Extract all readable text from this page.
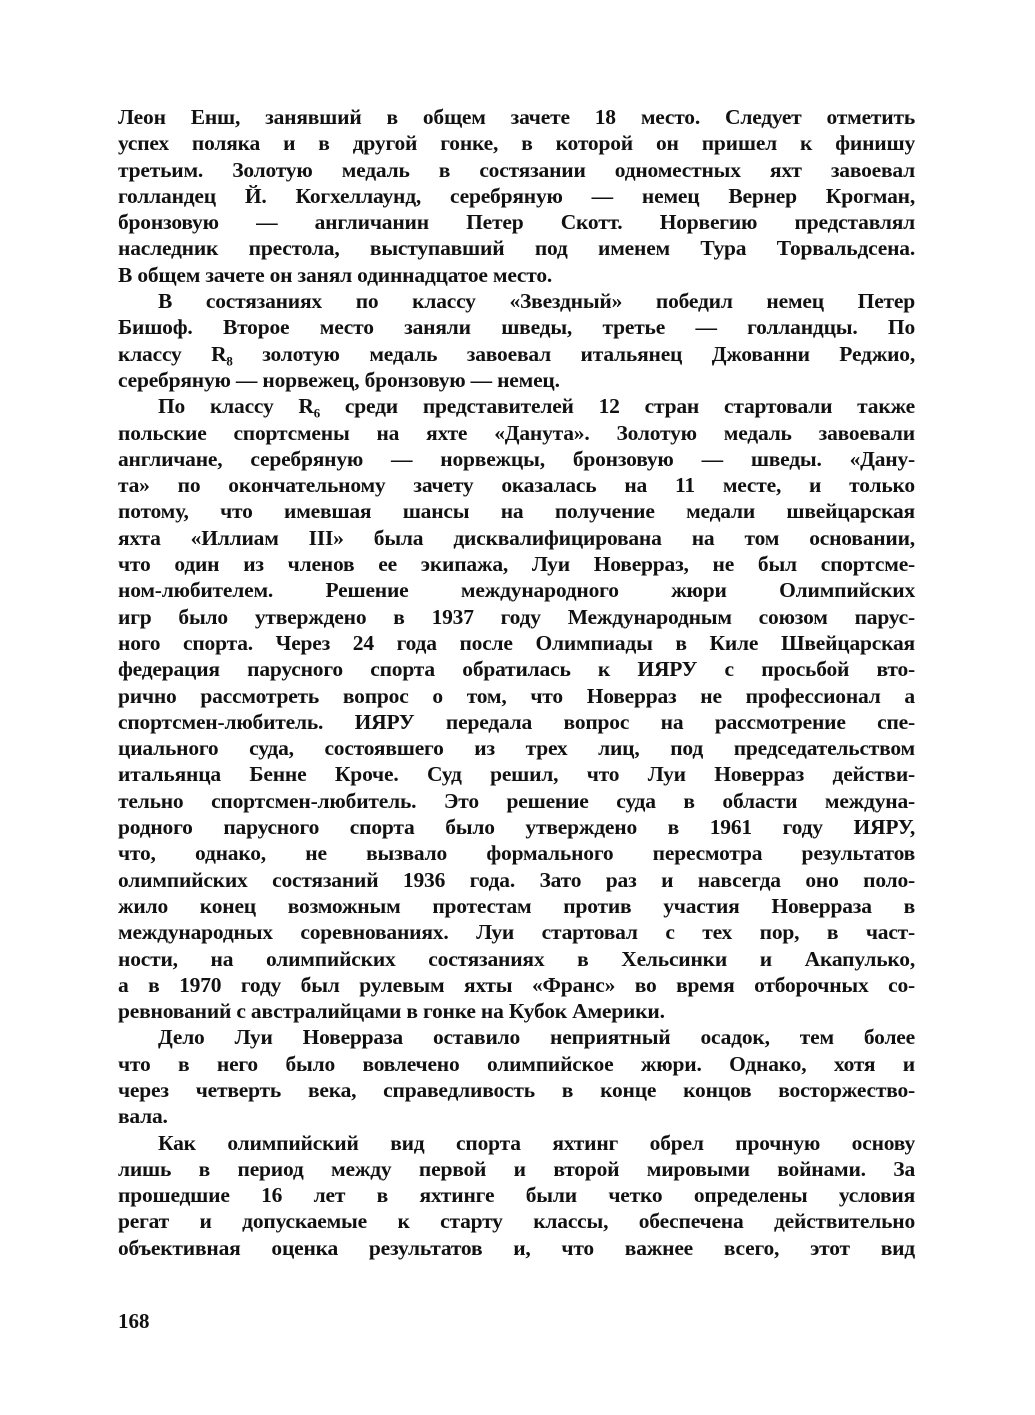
Леон Енш, занявший в общем зачете 18 место. Следует отметить
успех поляка и в другой гонке, в которой он пришел к финишу
третьим. Золотую медаль в состязании одноместных яхт завоевал
голландец Й. Когхеллаунд, серебряную — немец Вернер Крогман,
бронзовую — англичанин Петер Скотт. Норвегию представлял
наследник престола, выступавший под именем Тура Торвальдсена.
В общем зачете он занял одиннадцатое место.
В состязаниях по классу «Звездный» победил немец Петер
Бишоф. Второе место заняли шведы, третье — голландцы. По
классу R₈ золотую медаль завоевал итальянец Джованни Реджио,
серебряную — норвежец, бронзовую — немец.
По классу R₆ среди представителей 12 стран стартовали также
польские спортсмены на яхте «Данута». Золотую медаль завоевали
англичане, серебряную — норвежцы, бронзовую — шведы. «Дану-
та» по окончательному зачету оказалась на 11 месте, и только
потому, что имевшая шансы на получение медали швейцарская
яхта «Иллиам III» была дисквалифицирована на том основании,
что один из членов ее экипажа, Луи Новерраз, не был спортсме-
ном-любителем. Решение международного жюри Олимпийских
игр было утверждено в 1937 году Международным союзом парус-
ного спорта. Через 24 года после Олимпиады в Киле Швейцарская
федерация парусного спорта обратилась к ИЯРУ с просьбой вто-
рично рассмотреть вопрос о том, что Новерраз не профессионал а
спортсмен-любитель. ИЯРУ передала вопрос на рассмотрение спе-
циального суда, состоявшего из трех лиц, под председательством
итальянца Бенне Кроче. Суд решил, что Луи Новерраз действи-
тельно спортсмен-любитель. Это решение суда в области междуна-
родного парусного спорта было утверждено в 1961 году ИЯРУ,
что, однако, не вызвало формального пересмотра результатов
олимпийских состязаний 1936 года. Зато раз и навсегда оно поло-
жило конец возможным протестам против участия Новерраза в
международных соревнованиях. Луи стартовал с тех пор, в част-
ности, на олимпийских состязаниях в Хельсинки и Акапулько,
а в 1970 году был рулевым яхты «Франс» во время отборочных со-
ревнований с австралийцами в гонке на Кубок Америки.
Дело Луи Новерраза оставило неприятный осадок, тем более
что в него было вовлечено олимпийское жюри. Однако, хотя и
через четверть века, справедливость в конце концов восторжество-
вала.
Как олимпийский вид спорта яхтинг обрел прочную основу
лишь в период между первой и второй мировыми войнами. За
прошедшие 16 лет в яхтинге были четко определены условия
регат и допускаемые к старту классы, обеспечена действительно
объективная оценка результатов и, что важнее всего, этот вид
168
